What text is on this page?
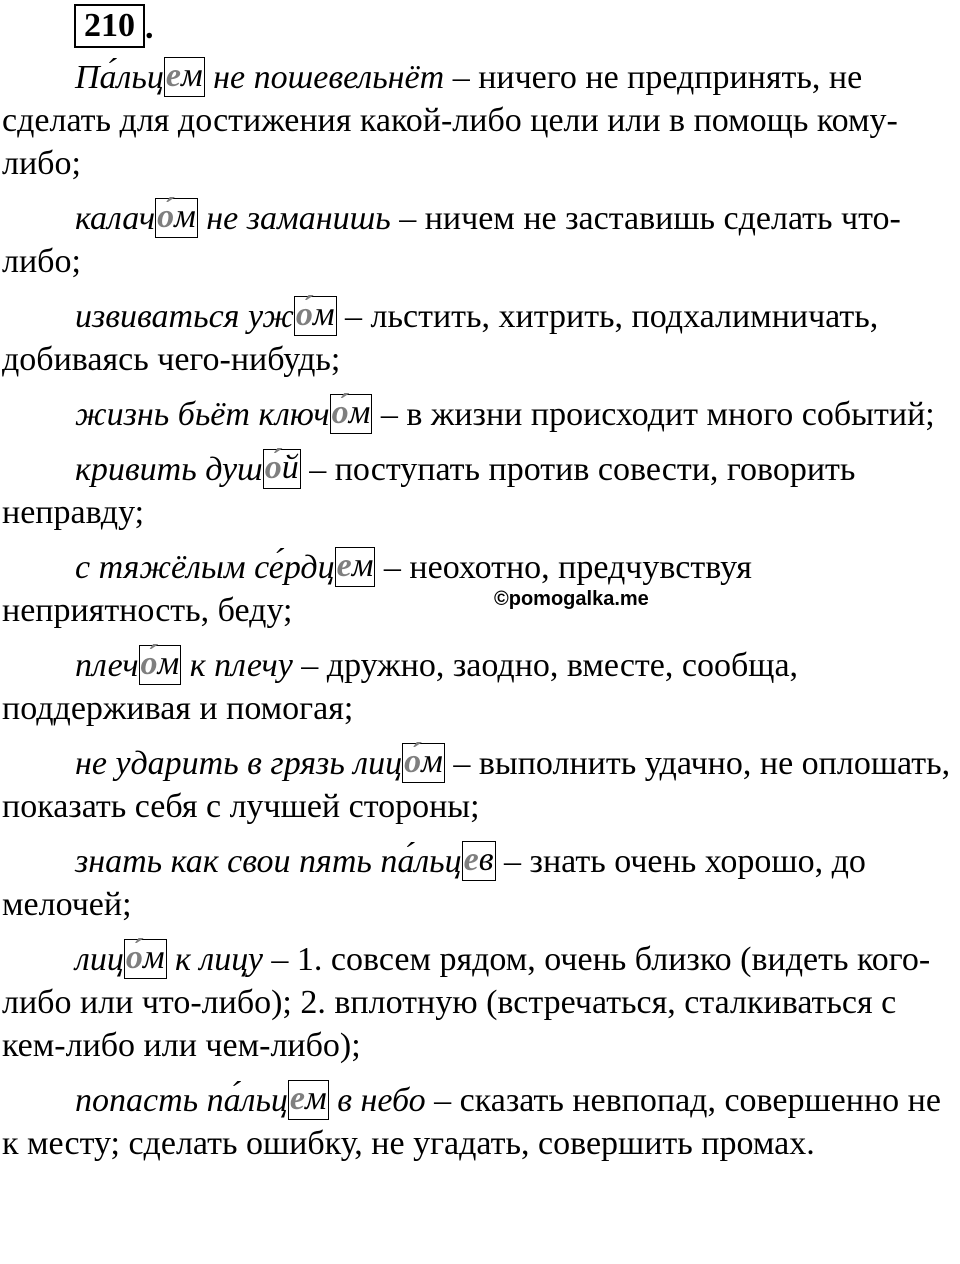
210 .
©pomogalka.me

Па́льцем не пошевельнёт – ничего не предпринять, не сделать для достижения какой-либо цели или в помощь кому-либо;

калачо́м не заманишь – ничем не заставишь сделать что-либо;

извиваться ужо́м – льстить, хитрить, подхалимничать, добиваясь чего-нибудь;

жизнь бьёт ключо́м – в жизни происходит много событий;

кривить душо́й – поступать против совести, говорить неправду;

с тяжёлым се́рдцем – неохотно, предчувствуя неприятность, беду;

плечо́м к плечу – дружно, заодно, вместе, сообща, поддерживая и помогая;

не ударить в грязь лицо́м – выполнить удачно, не оплошать, показать себя с лучшей стороны;

знать как свои пять па́льцев – знать очень хорошо, до мелочей;

лицо́м к лицу – 1. совсем рядом, очень близко (видеть кого-либо или что-либо); 2. вплотную (встречаться, сталкиваться с кем-либо или чем-либо);

попасть па́льцем в небо – сказать невпопад, совершенно не к месту; сделать ошибку, не угадать, совершить промах.
